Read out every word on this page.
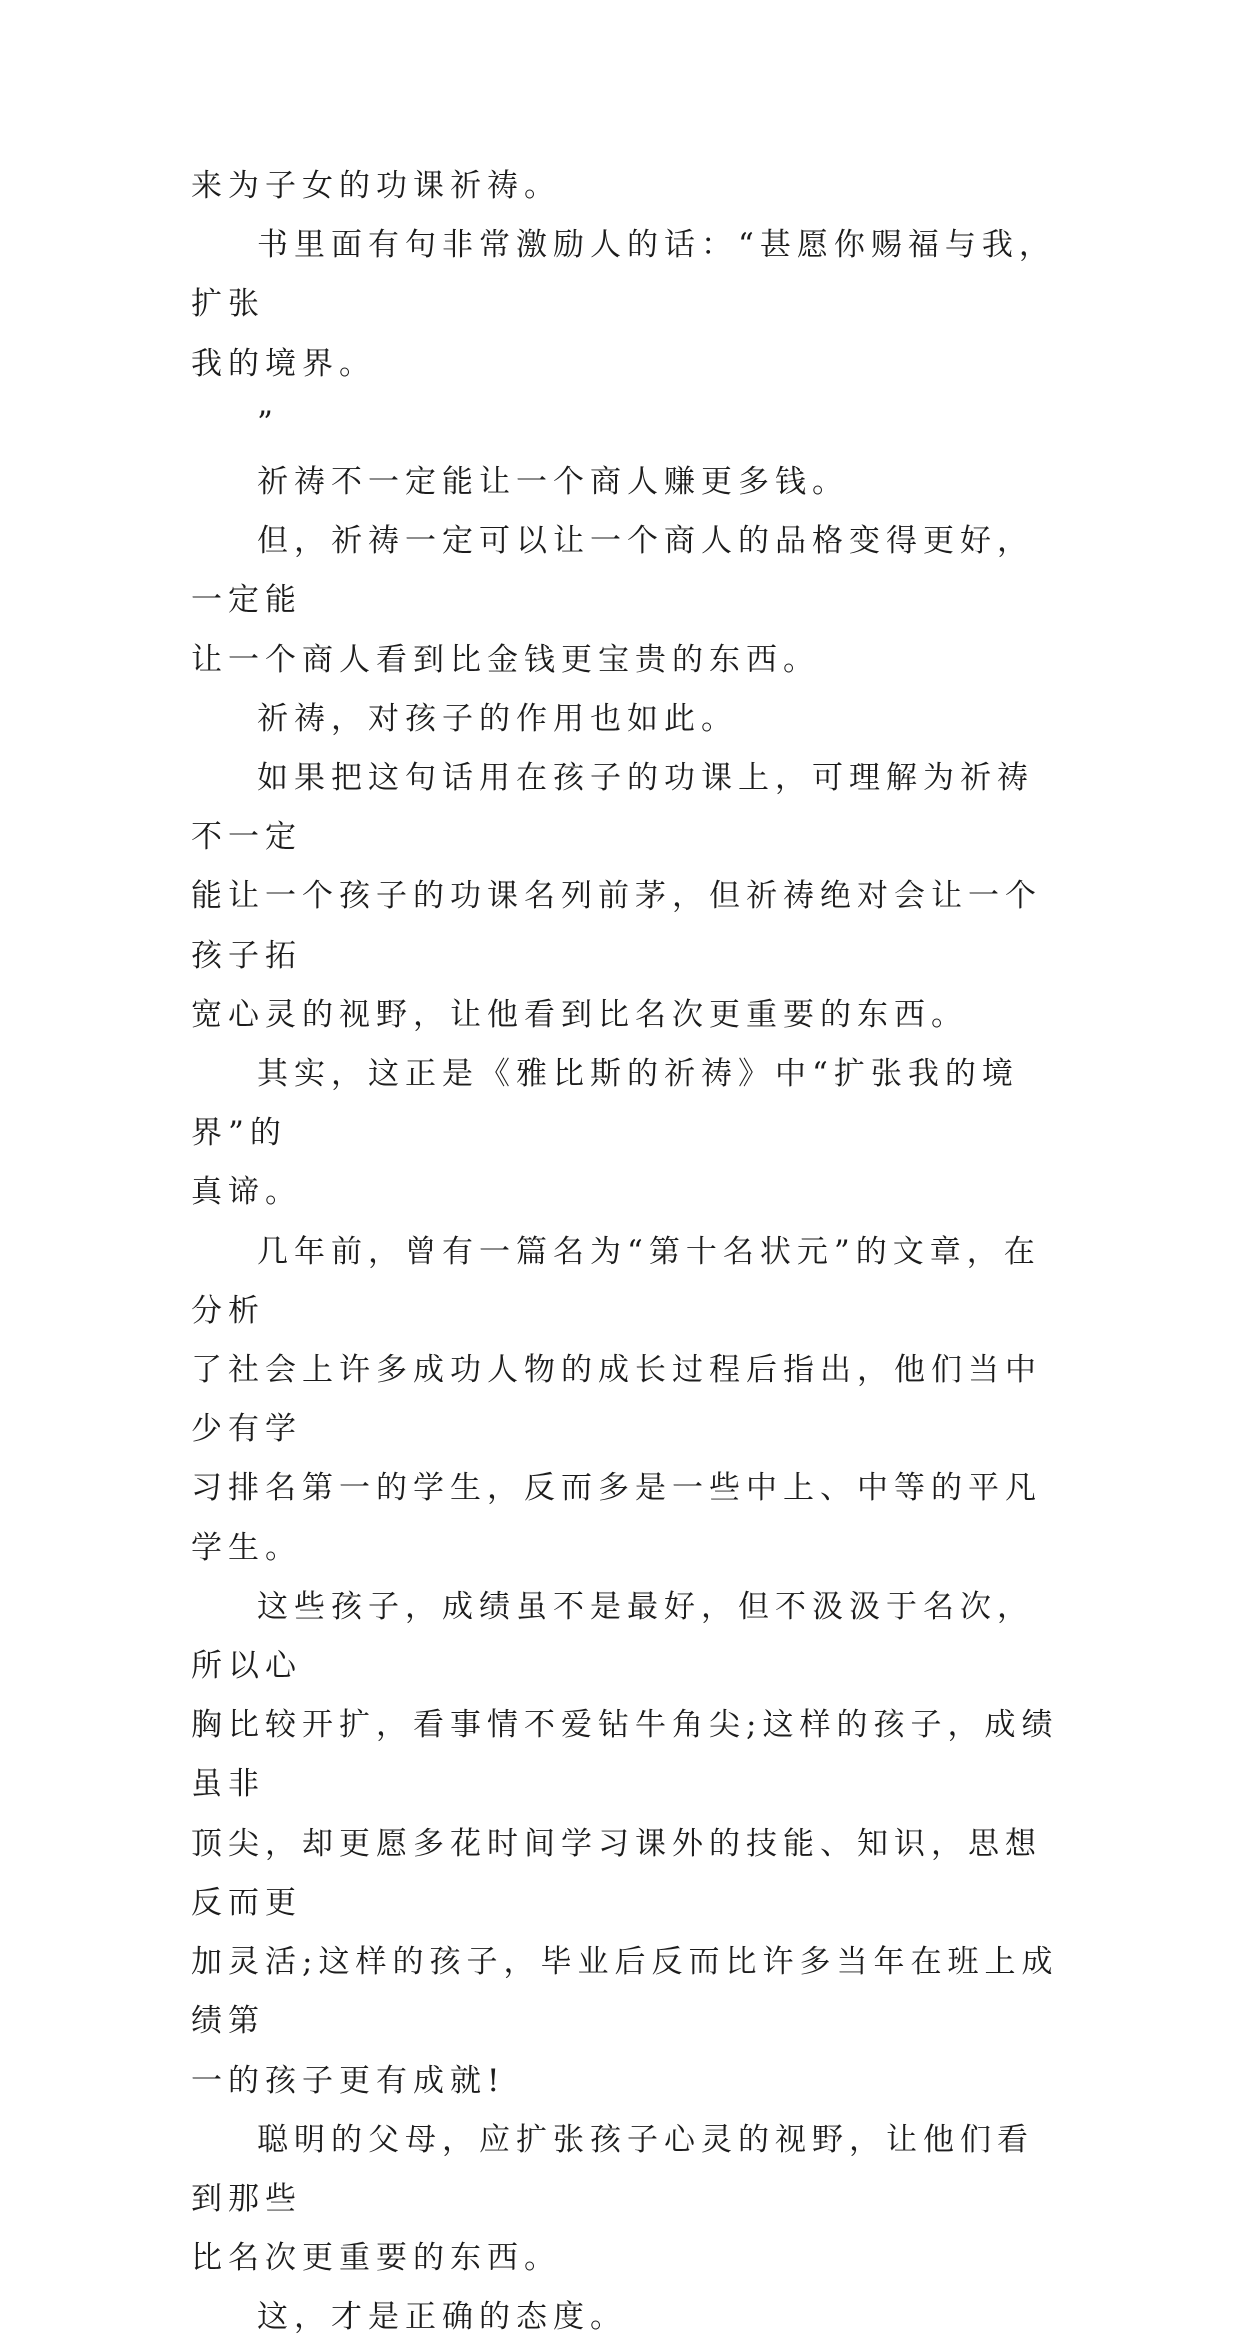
来为子女的功课祈祷。

书里面有句非常激励人的话：“甚愿你赐福与我，扩张
我的境界。

”

祈祷不一定能让一个商人赚更多钱。

但，祈祷一定可以让一个商人的品格变得更好，一定能
让一个商人看到比金钱更宝贵的东西。

祈祷，对孩子的作用也如此。

如果把这句话用在孩子的功课上，可理解为祈祷不一定
能让一个孩子的功课名列前茅，但祈祷绝对会让一个孩子拓
宽心灵的视野，让他看到比名次更重要的东西。

其实，这正是《雅比斯的祈祷》中“扩张我的境界”的
真谛。

几年前，曾有一篇名为“第十名状元”的文章，在分析
了社会上许多成功人物的成长过程后指出，他们当中少有学
习排名第一的学生，反而多是一些中上、中等的平凡学生。

这些孩子，成绩虽不是最好，但不汲汲于名次，所以心
胸比较开扩，看事情不爱钻牛角尖;这样的孩子，成绩虽非
顶尖，却更愿多花时间学习课外的技能、知识，思想反而更
加灵活;这样的孩子，毕业后反而比许多当年在班上成绩第
一的孩子更有成就!

聪明的父母，应扩张孩子心灵的视野，让他们看到那些
比名次更重要的东西。

这，才是正确的态度。
